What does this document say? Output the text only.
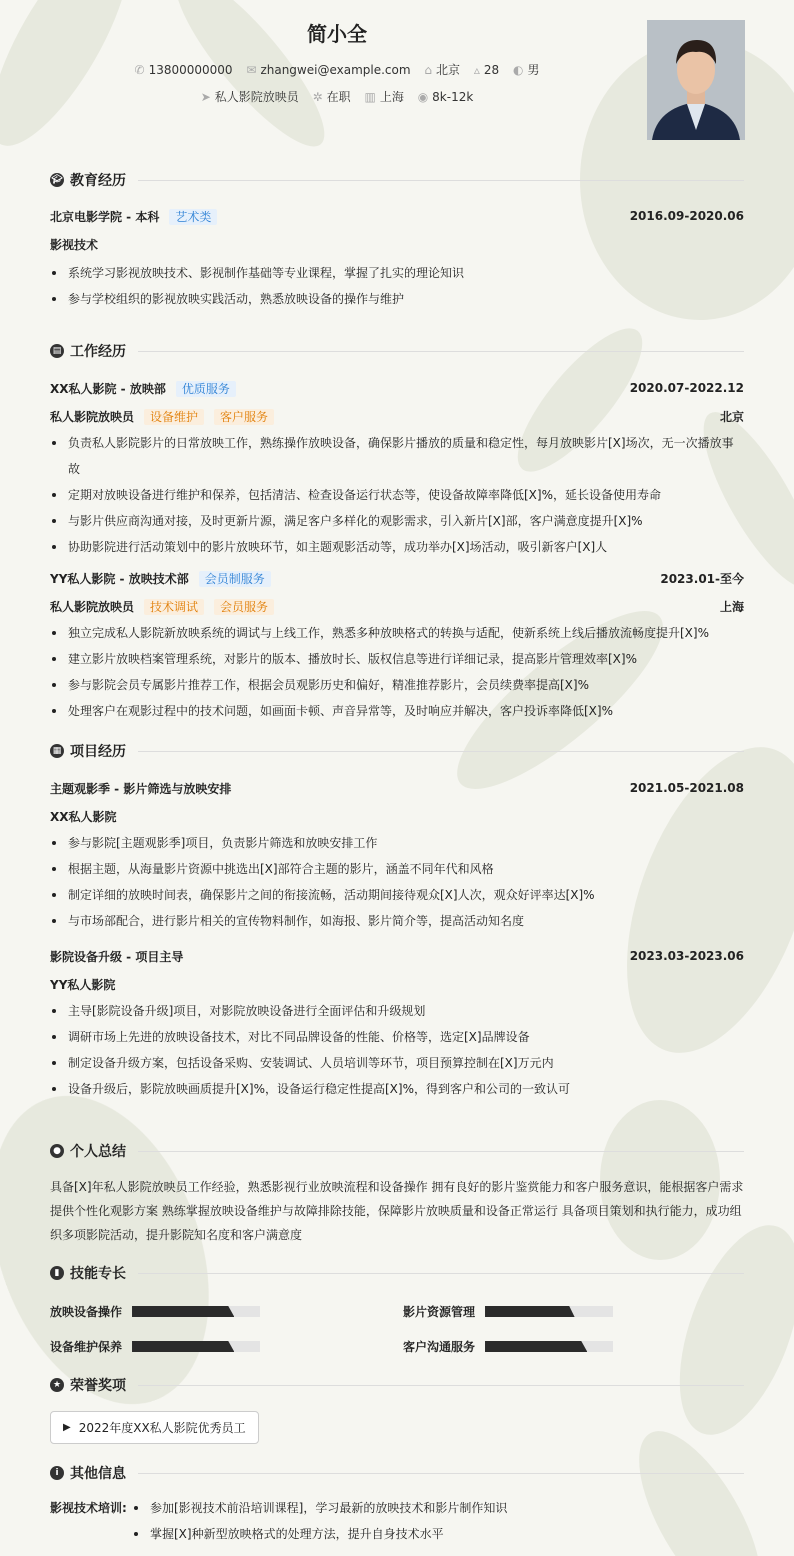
简小全
✆ 13800000000 ✉ zhangwei@example.com ⌂ 北京 ▵ 28 ◐ 男
➤ 私人影院放映员 ✲ 在职 ▥ 上海 ◉ 8k-12k
🎓︎ 教育经历
北京电影学院 - 本科 艺术类	2016.09-2020.06
影视技术
系统学习影视放映技术、影视制作基础等专业课程，掌握了扎实的理论知识
参与学校组织的影视放映实践活动，熟悉放映设备的操作与维护
▤ 工作经历
XX私人影院 - 放映部 优质服务	2020.07-2022.12
私人影院放映员 设备维护 客户服务	北京
负责私人影院影片的日常放映工作，熟练操作放映设备，确保影片播放的质量和稳定性，每月放映影片[X]场次，无一次播放事故
定期对放映设备进行维护和保养，包括清洁、检查设备运行状态等，使设备故障率降低[X]%，延长设备使用寿命
与影片供应商沟通对接，及时更新片源，满足客户多样化的观影需求，引入新片[X]部，客户满意度提升[X]%
协助影院进行活动策划中的影片放映环节，如主题观影活动等，成功举办[X]场活动，吸引新客户[X]人
YY私人影院 - 放映技术部 会员制服务	2023.01-至今
私人影院放映员 技术调试 会员服务	上海
独立完成私人影院新放映系统的调试与上线工作，熟悉多种放映格式的转换与适配，使新系统上线后播放流畅度提升[X]%
建立影片放映档案管理系统，对影片的版本、播放时长、版权信息等进行详细记录，提高影片管理效率[X]%
参与影院会员专属影片推荐工作，根据会员观影历史和偏好，精准推荐影片，会员续费率提高[X]%
处理客户在观影过程中的技术问题，如画面卡顿、声音异常等，及时响应并解决，客户投诉率降低[X]%
▦ 项目经历
主题观影季 - 影片筛选与放映安排	2021.05-2021.08
XX私人影院
参与影院[主题观影季]项目，负责影片筛选和放映安排工作
根据主题，从海量影片资源中挑选出[X]部符合主题的影片，涵盖不同年代和风格
制定详细的放映时间表，确保影片之间的衔接流畅，活动期间接待观众[X]人次，观众好评率达[X]%
与市场部配合，进行影片相关的宣传物料制作，如海报、影片简介等，提高活动知名度
影院设备升级 - 项目主导	2023.03-2023.06
YY私人影院
主导[影院设备升级]项目，对影院放映设备进行全面评估和升级规划
调研市场上先进的放映设备技术，对比不同品牌设备的性能、价格等，选定[X]品牌设备
制定设备升级方案，包括设备采购、安装调试、人员培训等环节，项目预算控制在[X]万元内
设备升级后，影院放映画质提升[X]%，设备运行稳定性提高[X]%，得到客户和公司的一致认可
● 个人总结
具备[X]年私人影院放映员工作经验，熟悉影视行业放映流程和设备操作 拥有良好的影片鉴赏能力和客户服务意识，能根据客户需求提供个性化观影方案 熟练掌握放映设备维护与故障排除技能，保障影片放映质量和设备正常运行 具备项目策划和执行能力，成功组织多项影院活动，提升影院知名度和客户满意度
▮ 技能专长
放映设备操作	影片资源管理
设备维护保养	客户沟通服务
★ 荣誉奖项
▶ 2022年度XX私人影院优秀员工
i 其他信息
影视技术培训:	参加[影视技术前沿培训课程]，学习最新的放映技术和影片制作知识
掌握[X]种新型放映格式的处理方法，提升自身技术水平
